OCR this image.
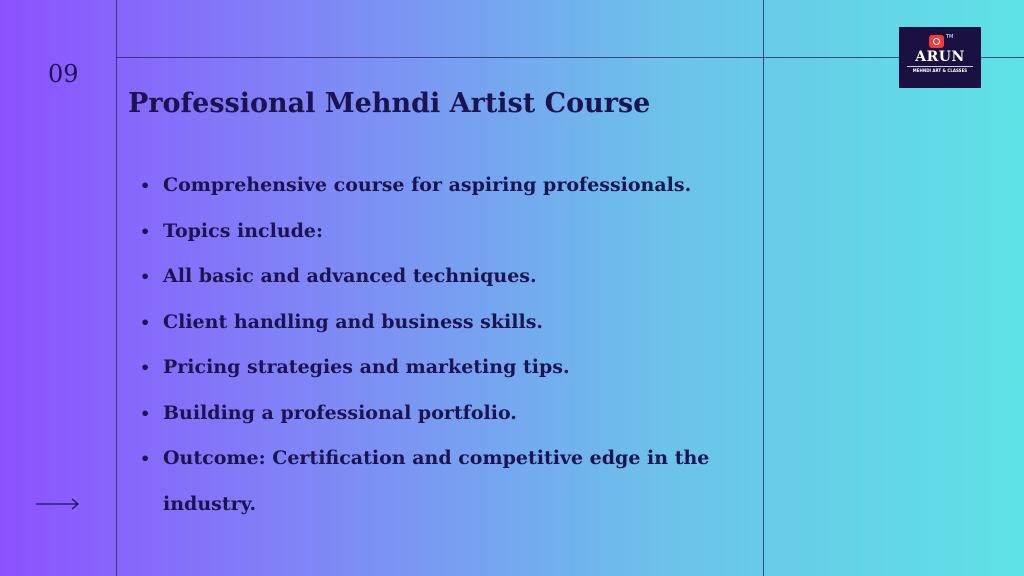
09
Professional Mehndi Artist Course
• Comprehensive course for aspiring professionals.
• Topics include:
• All basic and advanced techniques.
• Client handling and business skills.
• Pricing strategies and marketing tips.
• Building a professional portfolio.
• Outcome: Certification and competitive edge in the industry.
TM
ARUN
MEHNDI ART & CLASSES
